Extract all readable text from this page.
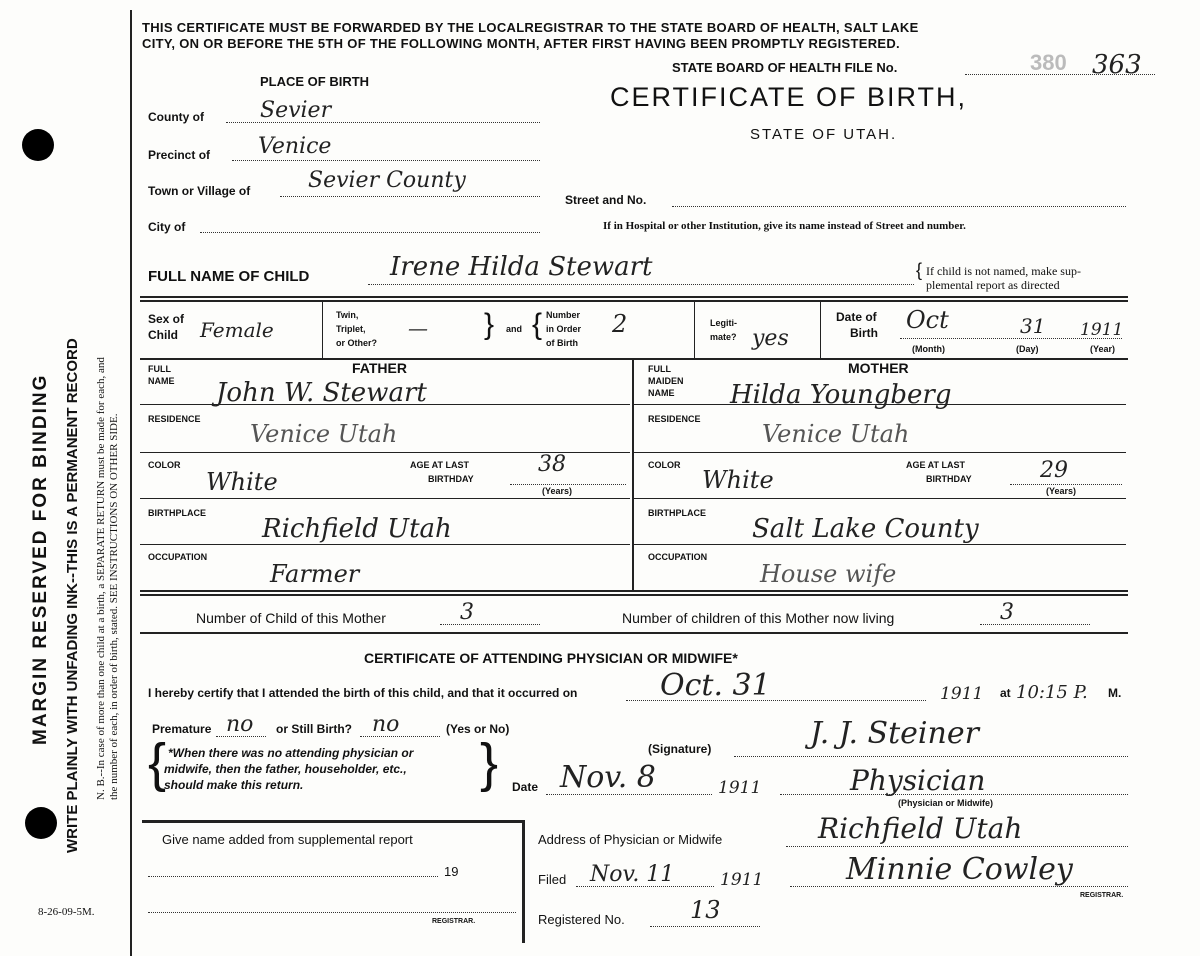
MARGIN RESERVED FOR BINDING WRITE PLAINLY WITH UNFADING INK--THIS IS A PERMANENT RECORD N. B.--In case of more than one child at a birth, a SEPARATE RETURN must be made for each, and the number of each, in order of birth, stated. SEE INSTRUCTIONS ON OTHER SIDE.
8-26-09-5M.
THIS CERTIFICATE MUST BE FORWARDED BY THE LOCALREGISTRAR TO THE STATE BOARD OF HEALTH, SALT LAKE
CITY, ON OR BEFORE THE 5TH OF THE FOLLOWING MONTH, AFTER FIRST HAVING BEEN PROMPTLY REGISTERED.
STATE BOARD OF HEALTH FILE No.	380 363
CERTIFICATE OF BIRTH,
STATE OF UTAH.
PLACE OF BIRTH
County of	Sevier
Precinct of Venice
Town or Village of	Sevier County
City of
Street and No.
If in Hospital or other Institution, give its name instead of Street and number.
FULL NAME OF CHILD	Irene Hilda Stewart	{ If child is not named, make sup-
plemental report as directed
Sex of
Child Female
Twin,
Triplet,
or Other?
— } and { Number
in Order
of Birth
2	Legiti-
mate? yes
Date of
Birth Oct	31 1911
(Month)	(Day)	(Year)
FATHER
FULL
NAME John W. Stewart
RESIDENCE
Venice Utah
COLOR
White
AGE AT LAST
BIRTHDAY
38
(Years)
BIRTHPLACE
Richfield Utah
OCCUPATION
Farmer
MOTHER
FULL
MAIDEN
NAME Hilda Youngberg
RESIDENCE
Venice Utah
COLOR
White
AGE AT LAST
BIRTHDAY	29
(Years)
BIRTHPLACE
Salt Lake County
OCCUPATION
House wife
Number of Child of this Mother	3	Number of children of this Mother now living	3
CERTIFICATE OF ATTENDING PHYSICIAN OR MIDWIFE*
I hereby certify that I attended the birth of this child, and that it occurred on	Oct. 31	1911 at 10:15 P. M.
Premature no or Still Birth? no	(Yes or No)
{ *When there was no attending physician or
midwife, then the father, householder, etc.,
should make this return.	}	(Signature)	J. J. Steiner
Date Nov. 8	1911	Physician
(Physician or Midwife)
Give name added from supplemental report
19
REGISTRAR.
Address of Physician or Midwife	Richfield Utah
Filed Nov. 11	1911	Minnie Cowley
REGISTRAR.
Registered No.	13
